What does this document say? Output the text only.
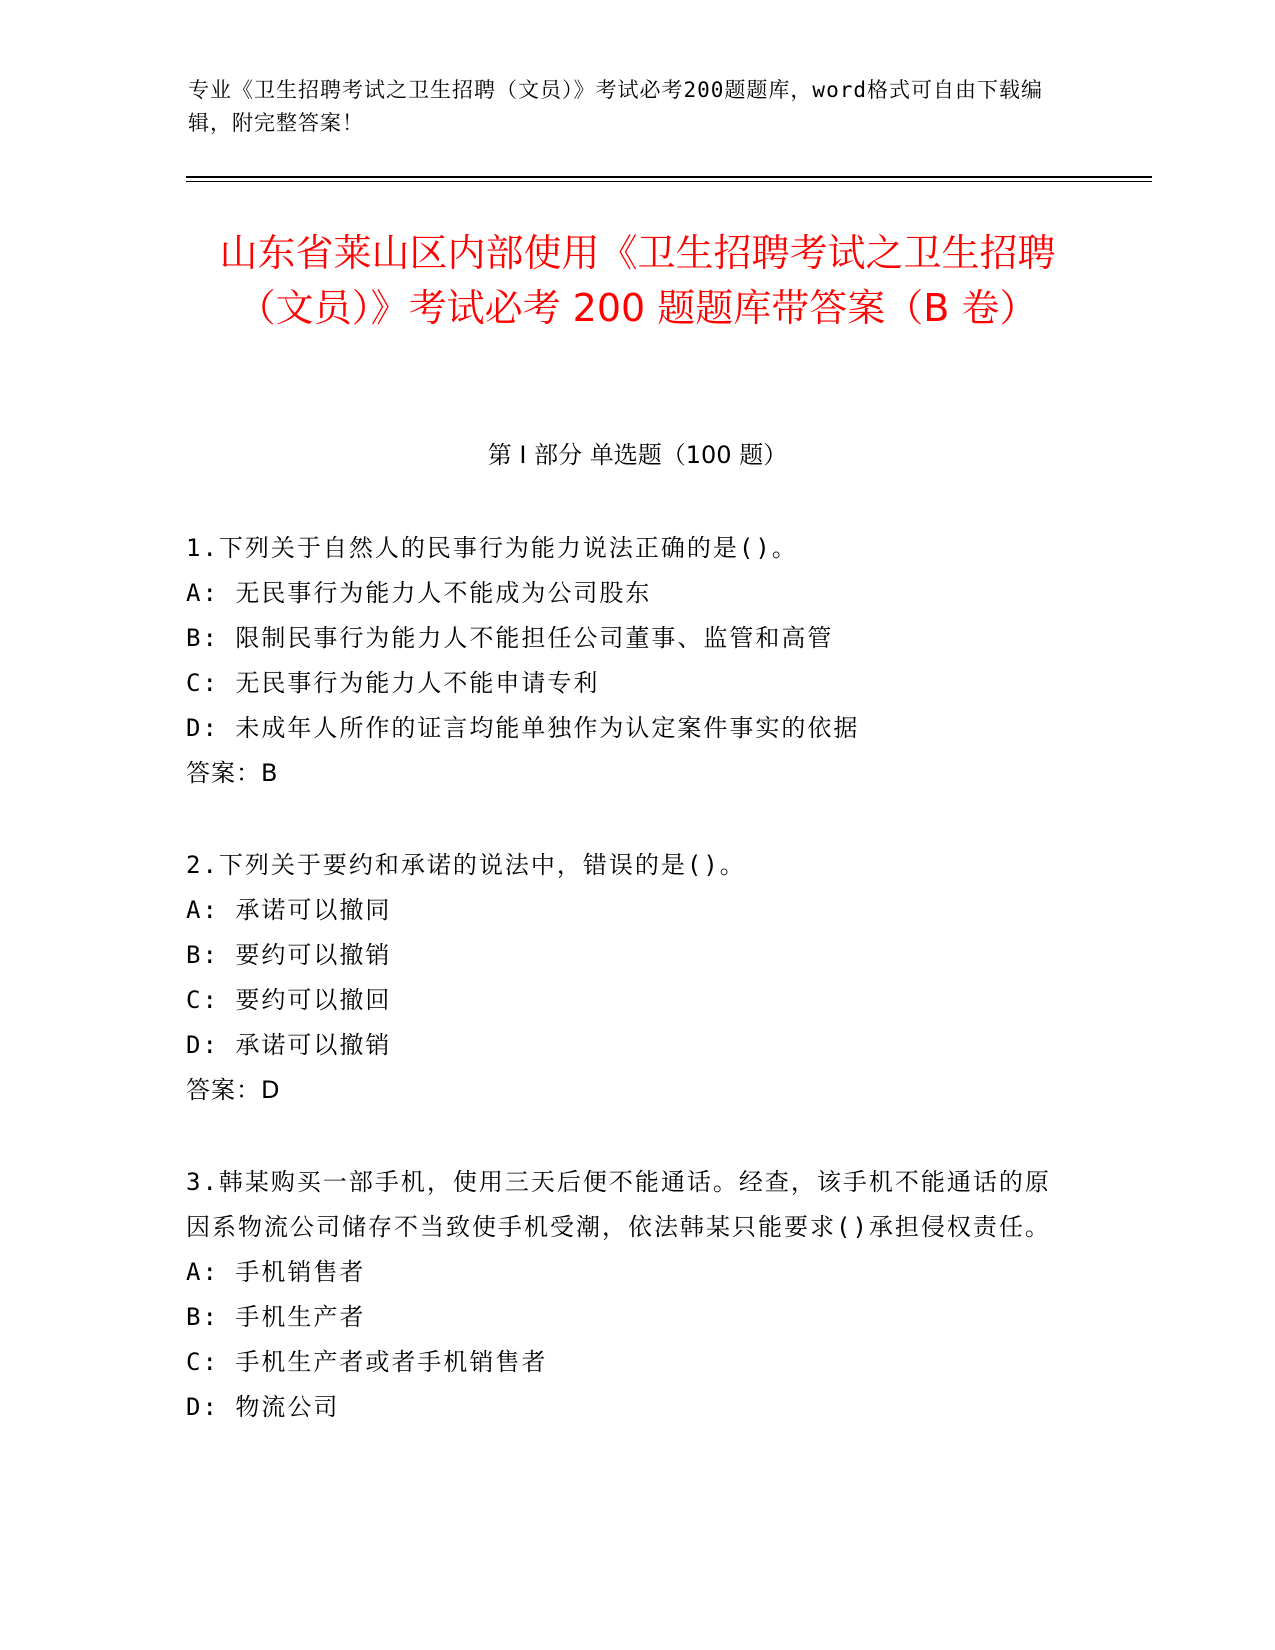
专业《卫生招聘考试之卫生招聘（文员）》考试必考200题题库，word格式可自由下载编辑，附完整答案！
山东省莱山区内部使用《卫生招聘考试之卫生招聘（文员）》考试必考 200 题题库带答案（B 卷）
第 I 部分 单选题（100 题）
1.下列关于自然人的民事行为能力说法正确的是()。
A: 无民事行为能力人不能成为公司股东
B: 限制民事行为能力人不能担任公司董事、监管和高管
C: 无民事行为能力人不能申请专利
D: 未成年人所作的证言均能单独作为认定案件事实的依据
答案：B
2.下列关于要约和承诺的说法中，错误的是()。
A: 承诺可以撤同
B: 要约可以撤销
C: 要约可以撤回
D: 承诺可以撤销
答案：D
3.韩某购买一部手机，使用三天后便不能通话。经查，该手机不能通话的原因系物流公司储存不当致使手机受潮，依法韩某只能要求()承担侵权责任。
A: 手机销售者
B: 手机生产者
C: 手机生产者或者手机销售者
D: 物流公司
